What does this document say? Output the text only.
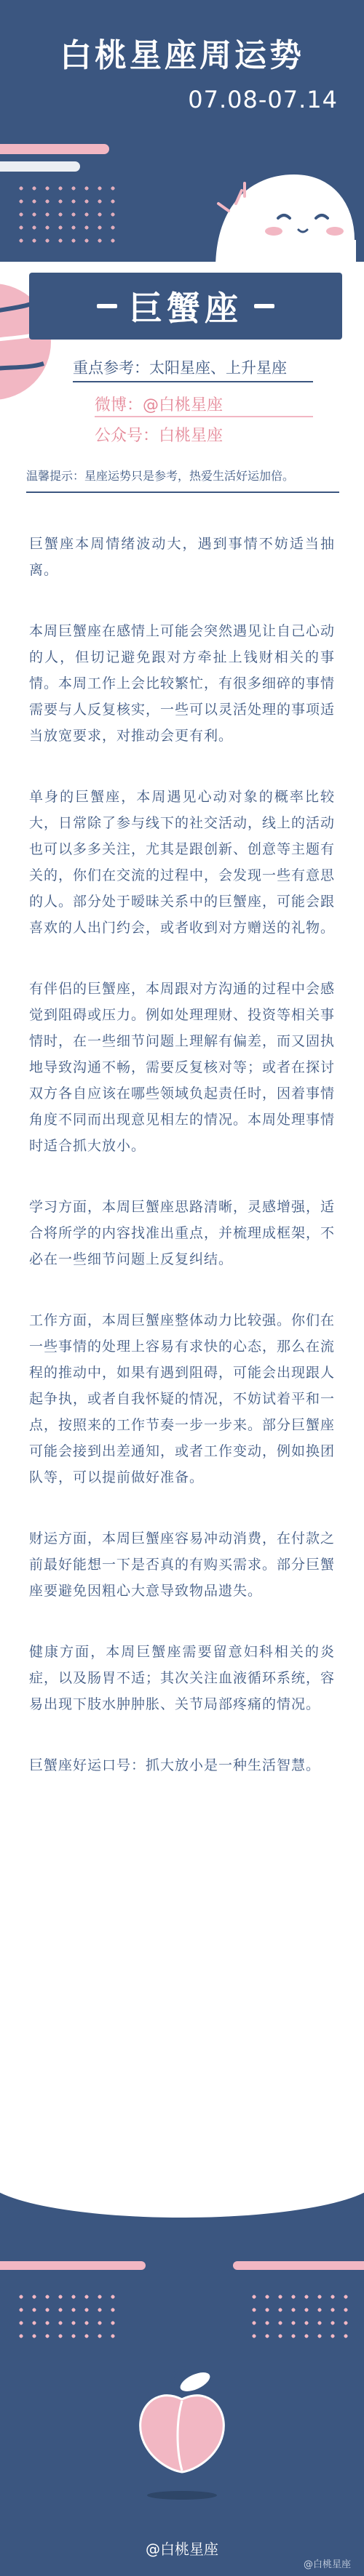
白桃星座周运势
07.08-07.14
巨蟹座
重点参考：太阳星座、上升星座
微博：@白桃星座
公众号：白桃星座
温馨提示：星座运势只是参考，热爱生活好运加倍。

巨蟹座本周情绪波动大，遇到事情不妨适当抽离。

本周巨蟹座在感情上可能会突然遇见让自己心动的人，但切记避免跟对方牵扯上钱财相关的事情。本周工作上会比较繁忙，有很多细碎的事情需要与人反复核实，一些可以灵活处理的事项适当放宽要求，对推动会更有利。

单身的巨蟹座，本周遇见心动对象的概率比较大，日常除了参与线下的社交活动，线上的活动也可以多多关注，尤其是跟创新、创意等主题有关的，你们在交流的过程中，会发现一些有意思的人。部分处于暧昧关系中的巨蟹座，可能会跟喜欢的人出门约会，或者收到对方赠送的礼物。

有伴侣的巨蟹座，本周跟对方沟通的过程中会感觉到阻碍或压力。例如处理理财、投资等相关事情时，在一些细节问题上理解有偏差，而又固执地导致沟通不畅，需要反复核对等；或者在探讨双方各自应该在哪些领域负起责任时，因着事情角度不同而出现意见相左的情况。本周处理事情时适合抓大放小。

学习方面，本周巨蟹座思路清晰，灵感增强，适合将所学的内容找准出重点，并梳理成框架，不必在一些细节问题上反复纠结。

工作方面，本周巨蟹座整体动力比较强。你们在一些事情的处理上容易有求快的心态，那么在流程的推动中，如果有遇到阻碍，可能会出现跟人起争执，或者自我怀疑的情况，不妨试着平和一点，按照来的工作节奏一步一步来。部分巨蟹座可能会接到出差通知，或者工作变动，例如换团队等，可以提前做好准备。

财运方面，本周巨蟹座容易冲动消费，在付款之前最好能想一下是否真的有购买需求。部分巨蟹座要避免因粗心大意导致物品遗失。

健康方面，本周巨蟹座需要留意妇科相关的炎症，以及肠胃不适；其次关注血液循环系统，容易出现下肢水肿肿胀、关节局部疼痛的情况。

巨蟹座好运口号：抓大放小是一种生活智慧。

@白桃星座
@白桃星座
